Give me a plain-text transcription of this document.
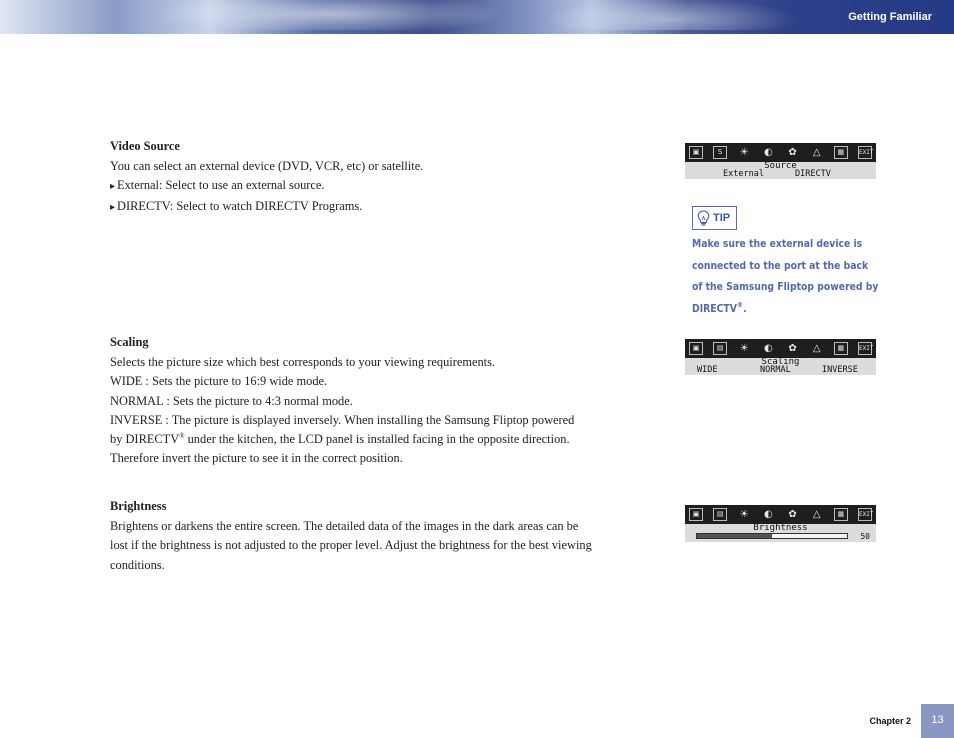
Getting Familiar
Video Source

You can select an external device (DVD, VCR, etc) or satellite.

▸ External: Select to use an external source.

▸ DIRECTV: Select to watch DIRECTV Programs.

Scaling

Selects the picture size which best corresponds to your viewing requirements.

WIDE : Sets the picture to 16:9 wide mode.

NORMAL : Sets the picture to 4:3 normal mode.

INVERSE : The picture is displayed inversely. When installing the Samsung Fliptop powered

by DIRECTV® under the kitchen, the LCD panel is installed facing in the opposite direction.

Therefore invert the picture to see it in the correct position.

Brightness

Brightens or darkens the entire screen. The detailed data of the images in the dark areas can be

lost if the brightness is not adjusted to the proper level. Adjust the brightness for the best viewing

conditions.

▣	S	☀ ◐ ✿	△	▦	EXIT
Source
External	DIRECTV
TIP
Make sure the external device is
connected to the port at the back
of the Samsung Fliptop powered by
DIRECTV®.
▣	▤	☀ ◐ ✿	△	▦	EXIT
Scaling
WIDE	NORMAL	INVERSE
▣	▤	☀ ◐ ✿	△	▦	EXIT
Brightness
50
Chapter 2	13
